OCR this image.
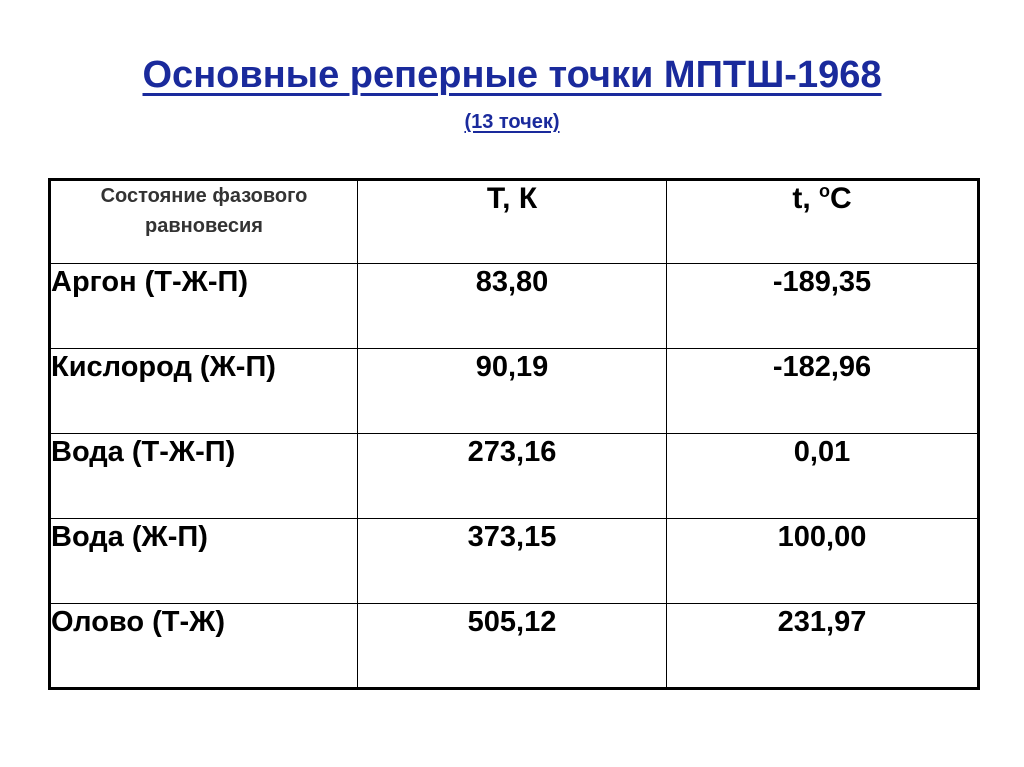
Основные реперные точки МПТШ-1968
(13 точек)
Состояние фазового равновесия	Т, К	t, $^o$C
Аргон (Т-Ж-П)	83,80	-189,35
Кислород (Ж-П)	90,19	-182,96
Вода (Т-Ж-П)	273,16	0,01
Вода (Ж-П)	373,15	100,00
Олово (Т-Ж)	505,12	231,97
